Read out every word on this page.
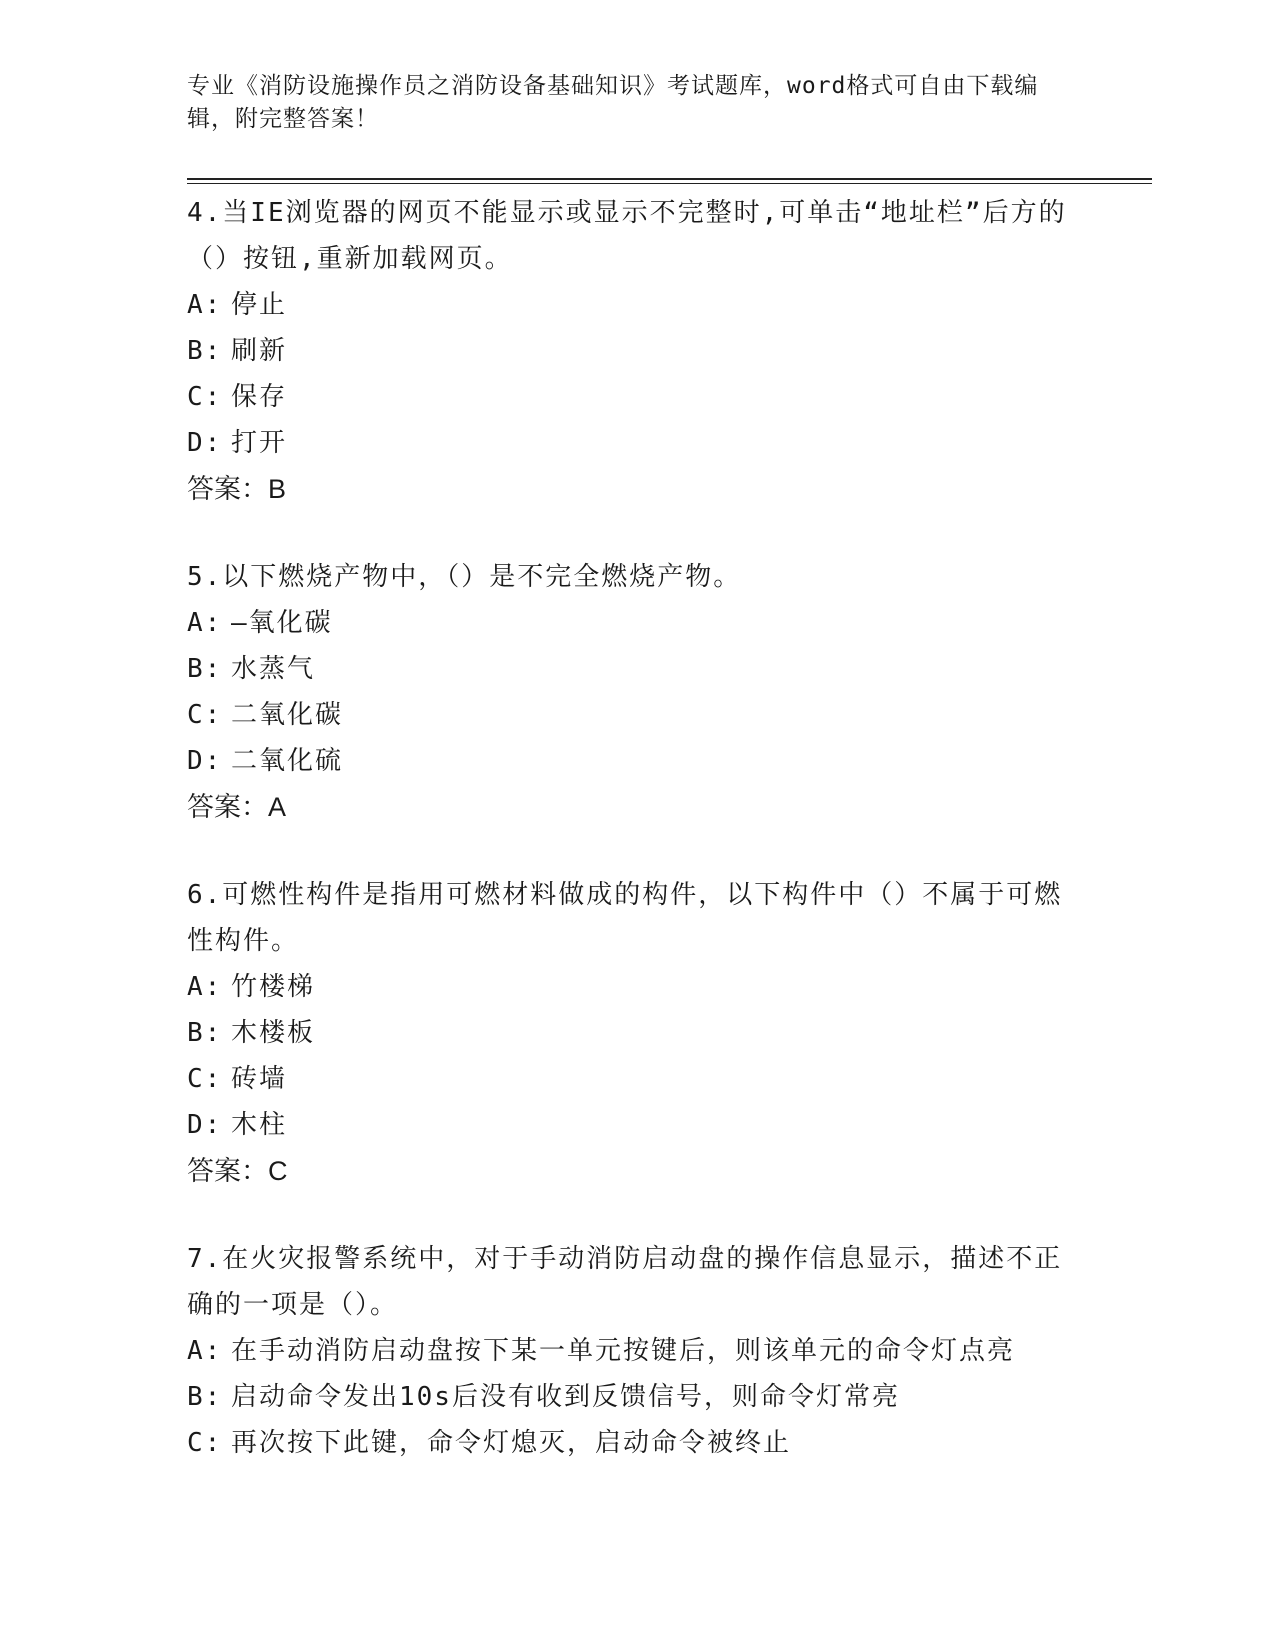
专业《消防设施操作员之消防设备基础知识》考试题库，word格式可自由下载编辑，附完整答案！

4.当IE浏览器的网页不能显示或显示不完整时,可单击“地址栏”后方的（）按钮,重新加载网页。

A: 停止

B: 刷新

C: 保存

D: 打开

答案：B

5.以下燃烧产物中，（）是不完全燃烧产物。

A: —氧化碳

B: 水蒸气

C: 二氧化碳

D: 二氧化硫

答案：A

6.可燃性构件是指用可燃材料做成的构件，以下构件中（）不属于可燃性构件。

A: 竹楼梯

B: 木楼板

C: 砖墙

D: 木柱

答案：C

7.在火灾报警系统中，对于手动消防启动盘的操作信息显示，描述不正确的一项是（）。

A: 在手动消防启动盘按下某一单元按键后，则该单元的命令灯点亮

B: 启动命令发出10s后没有收到反馈信号，则命令灯常亮

C: 再次按下此键，命令灯熄灭，启动命令被终止
